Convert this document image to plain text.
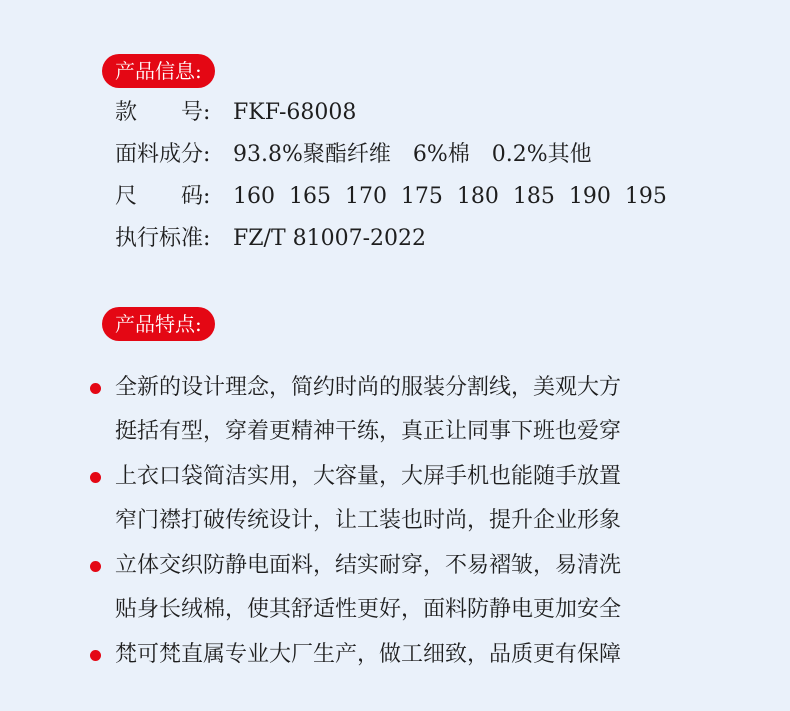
产品信息:
款　　号: FKF-68008
面料成分: 93.8%聚酯纤维　6%棉　0.2%其他
尺　　码: 160  165  170  175  180  185  190  195
执行标准: FZ/T 81007-2022
产品特点:
全新的设计理念，简约时尚的服装分割线，美观大方
挺括有型，穿着更精神干练，真正让同事下班也爱穿
上衣口袋简洁实用，大容量，大屏手机也能随手放置
窄门襟打破传统设计，让工装也时尚，提升企业形象
立体交织防静电面料，结实耐穿，不易褶皱，易清洗
贴身长绒棉，使其舒适性更好，面料防静电更加安全
梵可梵直属专业大厂生产，做工细致，品质更有保障
